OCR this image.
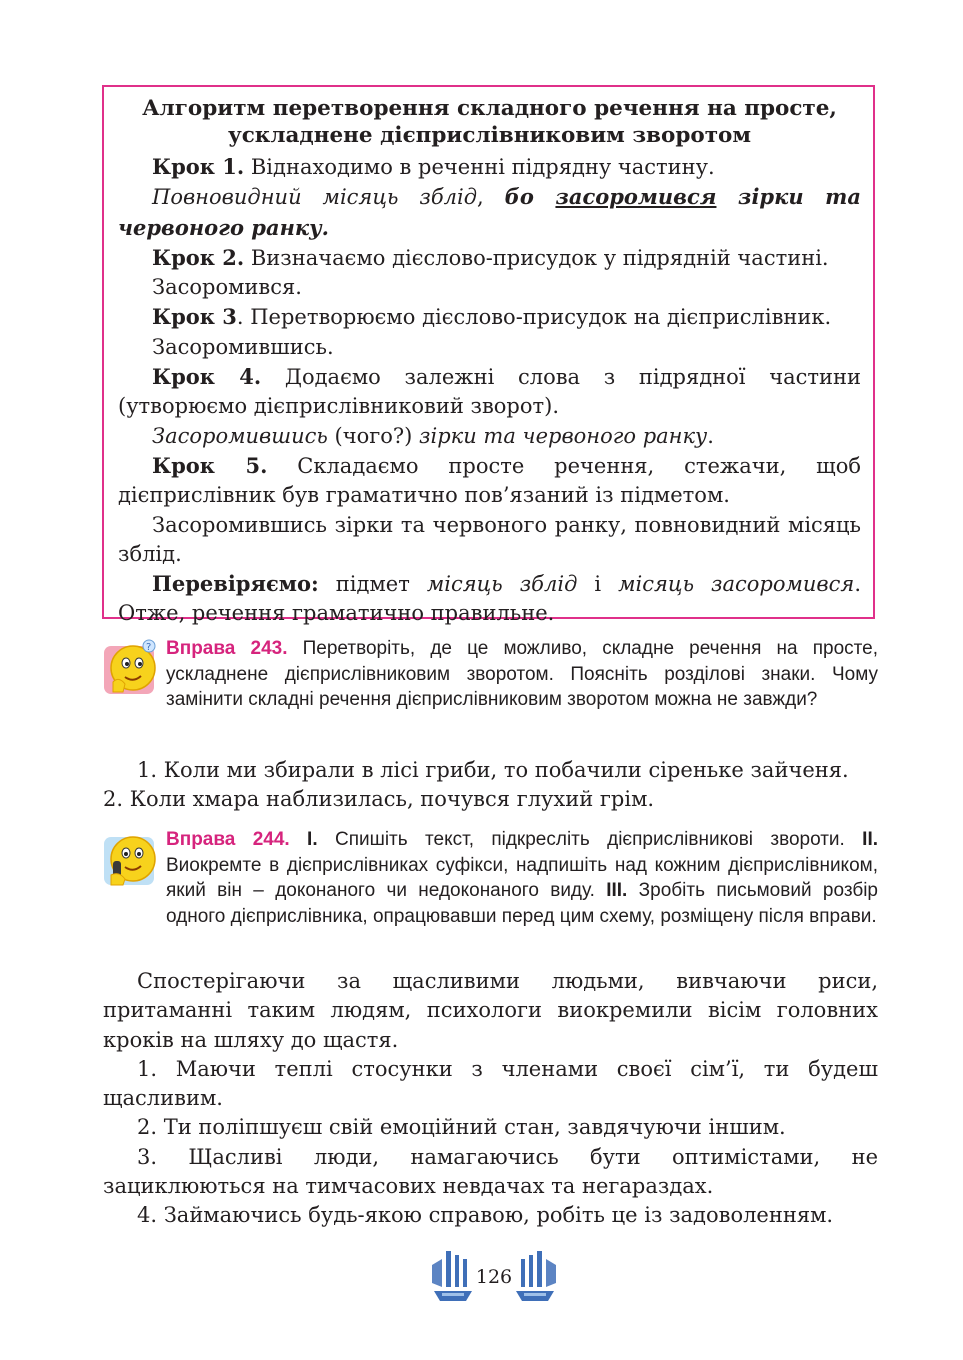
Алгоритм перетворення складного речення на просте,
ускладнене дієприслівниковим зворотом

Крок 1. Віднаходимо в реченні підрядну частину.

Повновидний місяць зблід, бо засоромився зірки та червоного ранку.

Крок 2. Визначаємо дієслово-присудок у підрядній частині.

Засоромився.

Крок 3. Перетворюємо дієслово-присудок на дієприслівник.

Засоромившись.

Крок 4. Додаємо залежні слова з підрядної частини (утворюємо дієприслівниковий зворот).

Засоромившись (чого?) зірки та червоного ранку.

Крок 5. Складаємо просте речення, стежачи, щоб дієприслівник був граматично пов’язаний із підметом.

Засоромившись зірки та червоного ранку, повновидний місяць зблід.

Перевіряємо: підмет місяць зблід і місяць засоромився. Отже, речення граматично правильне.

? Вправа 243. Перетворіть, де це можливо, складне речення на просте, ускладнене дієприслівниковим зворотом. Поясніть розділові знаки. Чому замінити складні речення дієприслівниковим зворотом можна не завжди?

1. Коли ми збирали в лісі гриби, то побачили сіреньке зайченя.

2. Коли хмара наблизилась, почувся глухий грім.

Вправа 244. I. Спишіть текст, підкресліть дієприслівникові звороти. II. Виокремте в дієприслівниках суфікси, надпишіть над кожним дієприслівником, який він – доконаного чи недоконаного виду. III. Зробіть письмовий розбір одного дієприслівника, опрацювавши перед цим схему, розміщену після вправи.

Спостерігаючи за щасливими людьми, вивчаючи риси, притаманні таким людям, психологи виокремили вісім головних кроків на шляху до щастя.

1. Маючи теплі стосунки з членами своєї сім’ї, ти будеш щасливим.

2. Ти поліпшуєш свій емоційний стан, завдячуючи іншим.

3. Щасливі люди, намагаючись бути оптимістами, не зациклюються на тимчасових невдачах та негараздах.

4. Займаючись будь-якою справою, робіть це із задоволенням.

126
